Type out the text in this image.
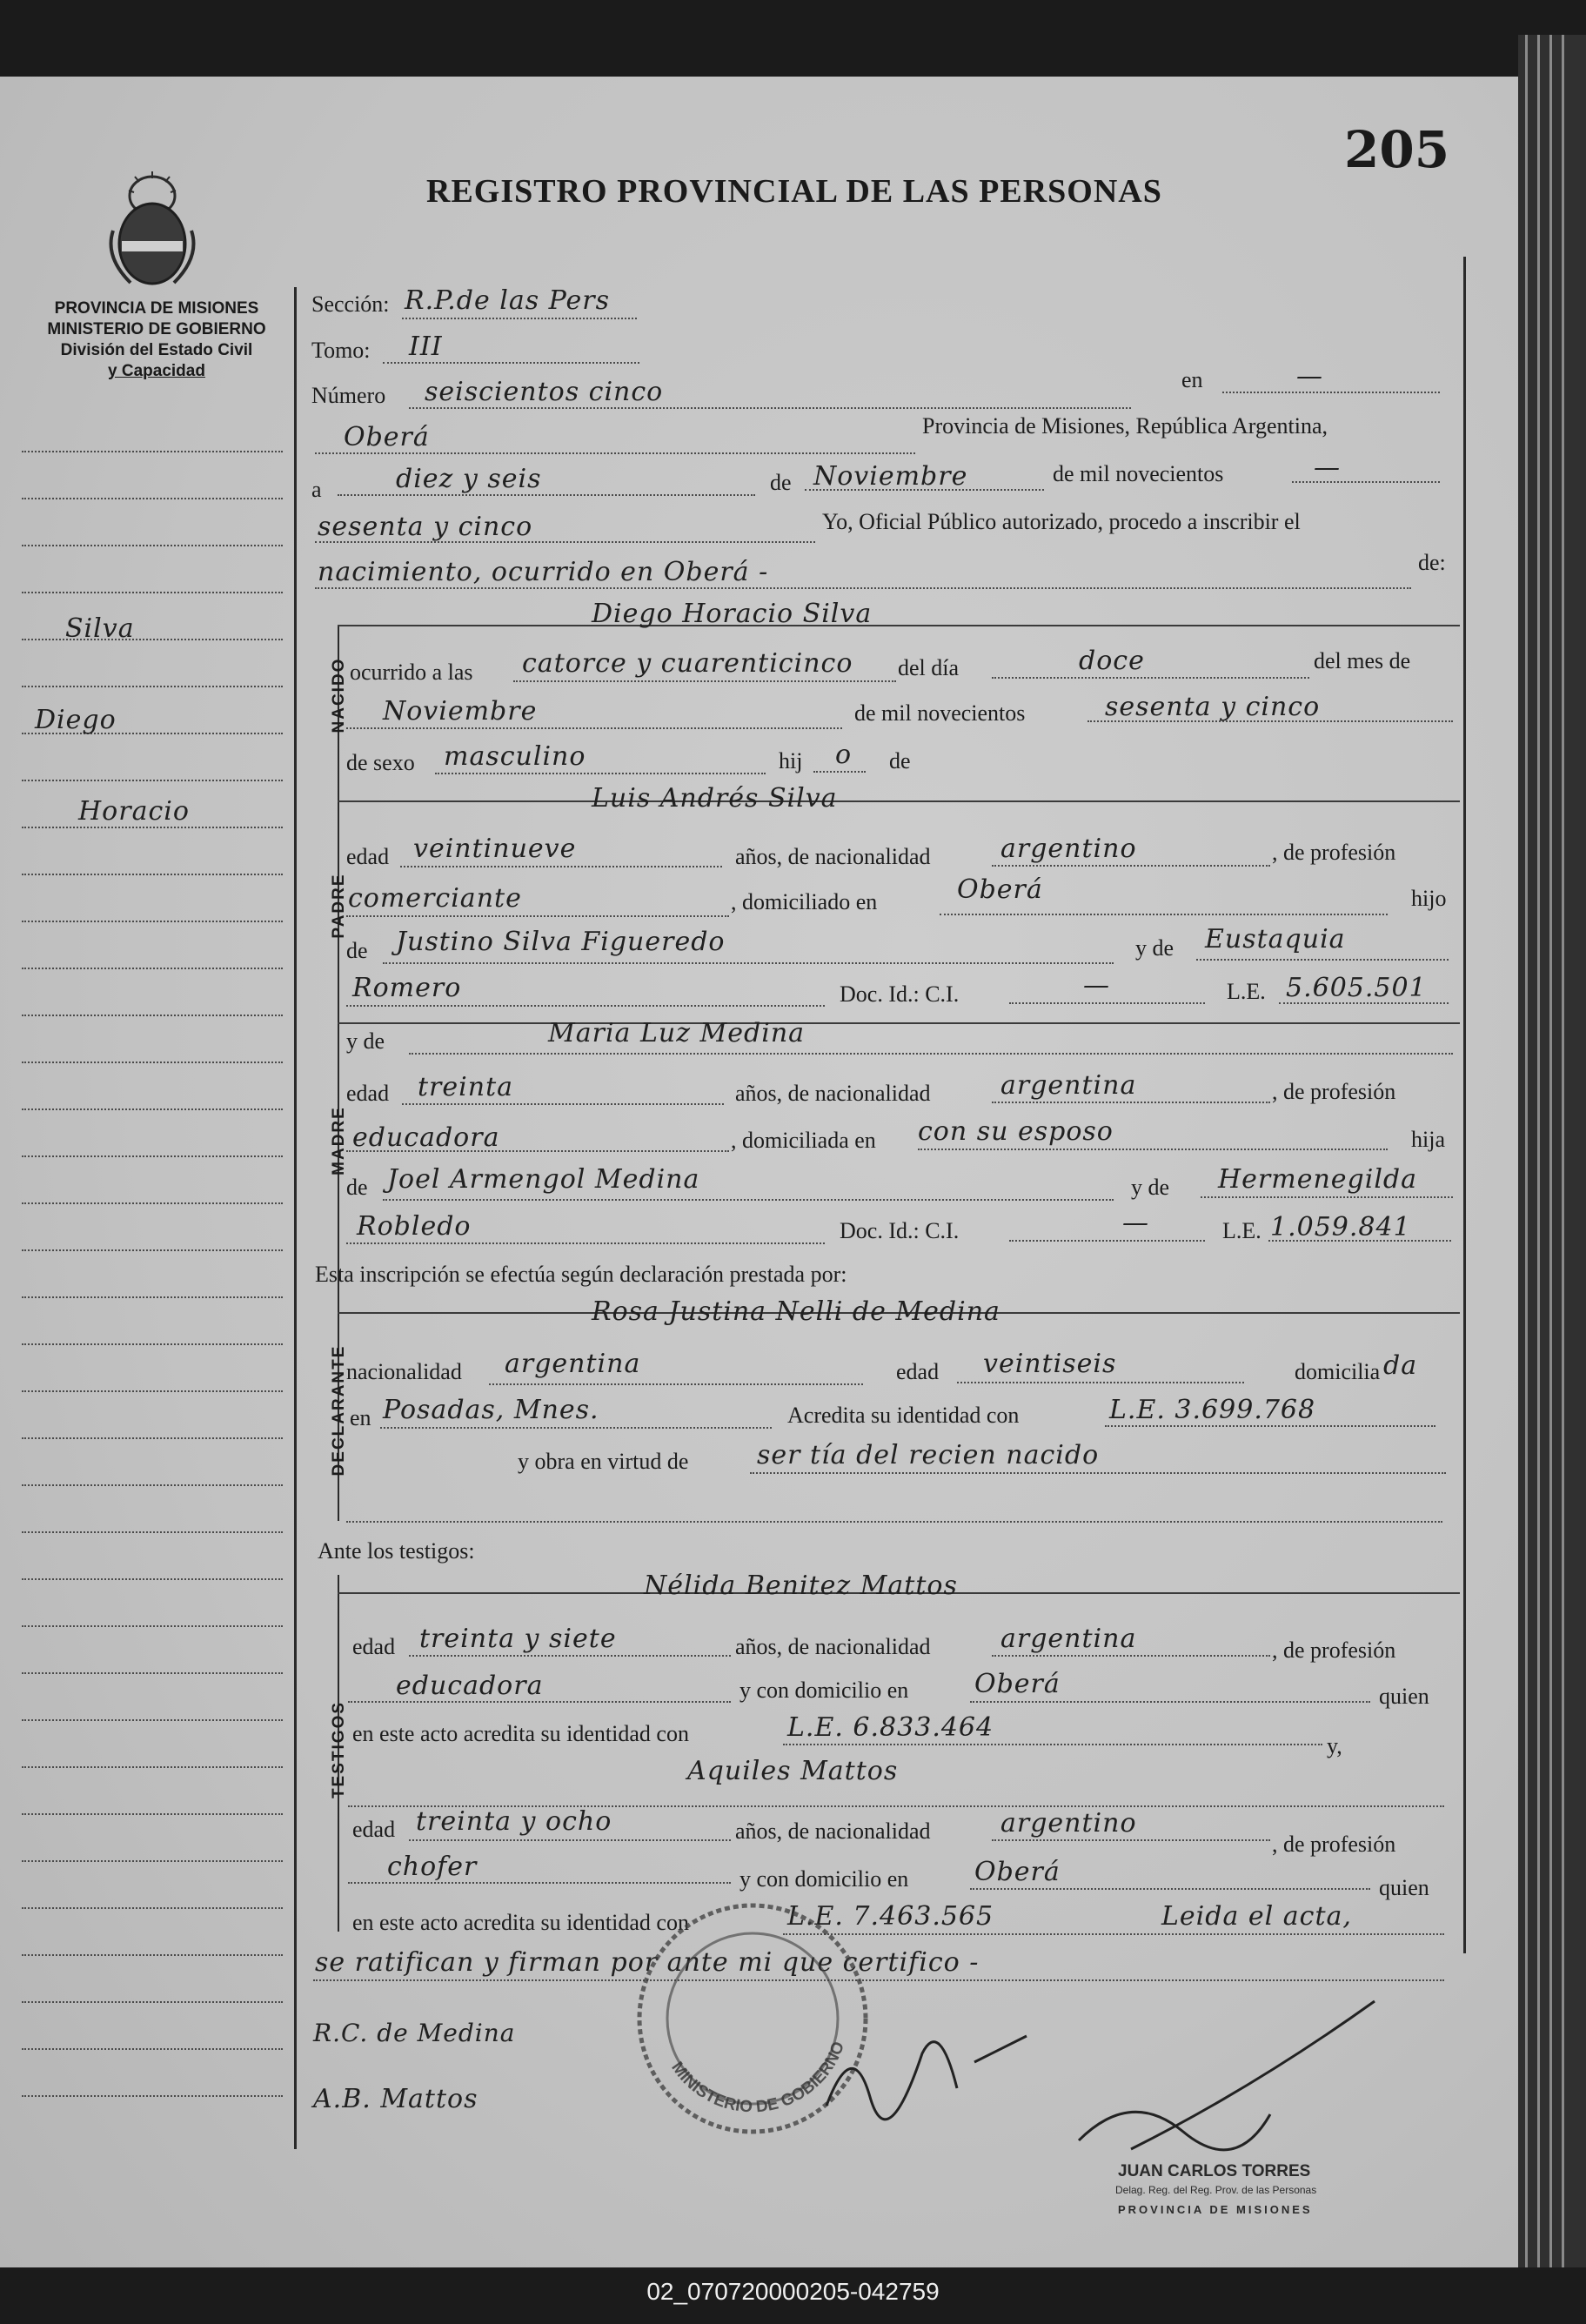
PROVINCIA DE MISIONES
MINISTERIO DE GOBIERNO
División del Estado Civil
y Capacidad
REGISTRO PROVINCIAL DE LAS PERSONAS
205
Silva
Diego
Horacio
NACIDO
PADRE
MADRE
DECLARANTE
TESTIGOS
Sección: R.P.de las Pers
Tomo: III
Número seiscientos cinco	en	—
Oberá	Provincia de Misiones, República Argentina,
a	diez y seis	de Noviembre	de mil novecientos	—
sesenta y cinco	Yo, Oficial Público autorizado, procedo a inscribir el
nacimiento, ocurrido en Oberá -	de:
Diego Horacio Silva
ocurrido a las catorce y cuarenticinco del día	doce	del mes de
Noviembre	de mil novecientos	sesenta y cinco
de sexo masculino	hij o de
Luis Andrés Silva
edad veintinueve	años, de nacionalidad	argentino	, de profesión
comerciante	, domiciliado en	Oberá	hijo
de Justino Silva Figueredo	y de Eustaquia
Romero	Doc. Id.: C.I.	—	L.E. 5.605.501
y de	Maria Luz Medina
edad treinta	años, de nacionalidad	argentina	, de profesión
educadora	, domiciliada en con su esposo	hija
de Joel Armengol Medina	y de Hermenegilda
Robledo	Doc. Id.: C.I.	—	L.E. 1.059.841
Esta inscripción se efectúa según declaración prestada por:
Rosa Justina Nelli de Medina
nacionalidad argentina	edad veintiseis	domicilia da
en Posadas, Mnes.	Acredita su identidad con	L.E. 3.699.768
y obra en virtud de	ser tía del recien nacido
Ante los testigos:
Nélida Benitez Mattos
edad treinta y siete	años, de nacionalidad	argentina	, de profesión
educadora	y con domicilio en	Oberá	quien
en este acto acredita su identidad con	L.E. 6.833.464
y,
Aquiles Mattos
edad treinta y ocho	años, de nacionalidad	argentino
, de profesión
chofer	y con domicilio en	Oberá
quien
en este acto acredita su identidad con	L.E. 7.463.565	Leida el acta,
se ratifican y firman por ante mi que certifico -
MINISTERIO DE GOBIERNO
R.C. de Medina
A.B. Mattos
JUAN CARLOS TORRES
Delag. Reg. del Reg. Prov. de las Personas
PROVINCIA DE MISIONES
02_070720000205-042759
